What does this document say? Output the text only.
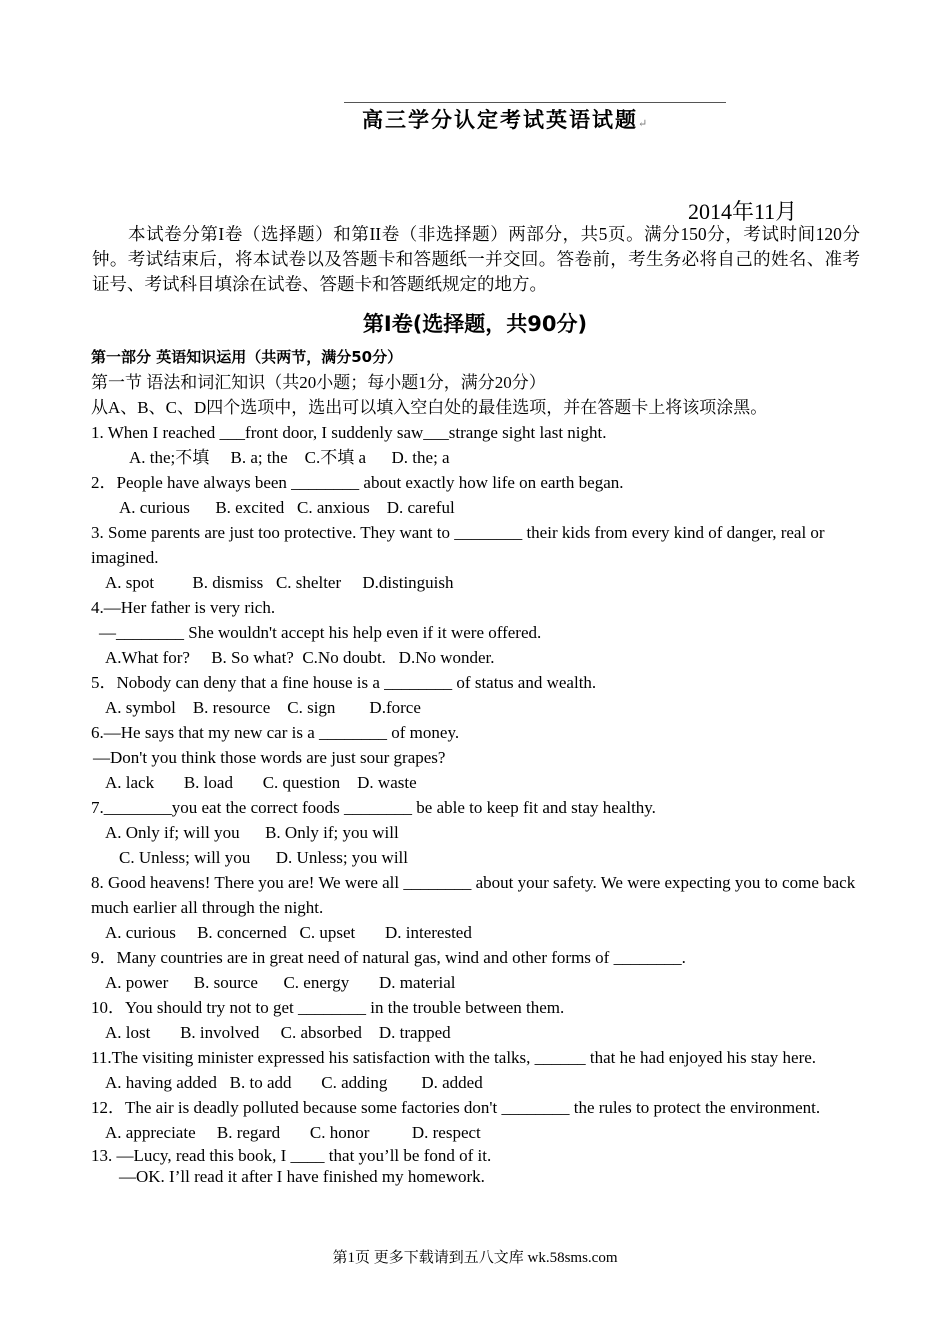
高三学分认定考试英语试题↵
2014年11月
本试卷分第I卷（选择题）和第II卷（非选择题）两部分，共5页。满分150分，考试时间120分钟。考试结束后，将本试卷以及答题卡和答题纸一并交回。答卷前，考生务必将自己的姓名、准考证号、考试科目填涂在试卷、答题卡和答题纸规定的地方。
第I卷(选择题，共90分)
第一部分 英语知识运用（共两节，满分50分）
第一节 语法和词汇知识（共20小题；每小题1分，满分20分）
从A、B、C、D四个选项中，选出可以填入空白处的最佳选项，并在答题卡上将该项涂黑。
1. When I reached ___front door, I suddenly saw___strange sight last night.
A. the;不填     B. a; the    C.不填 a      D. the; a
2．People have always been ________ about exactly how life on earth began.
A. curious      B. excited   C. anxious    D. careful
3. Some parents are just too protective. They want to ________ their kids from every kind of danger, real or imagined.
A. spot         B. dismiss   C. shelter     D.distinguish
4.—Her father is very rich.
—________ She wouldn't accept his help even if it were offered.
A.What for?     B. So what?  C.No doubt.   D.No wonder.
5．Nobody can deny that a fine house is a ________ of status and wealth.
A. symbol    B. resource    C. sign        D.force
6.—He says that my new car is a ________ of money.
—Don't you think those words are just sour grapes?
A. lack       B. load       C. question    D. waste
7.________you eat the correct foods ________ be able to keep fit and stay healthy.
A. Only if; will you      B. Only if; you will
C. Unless; will you      D. Unless; you will
8. Good heavens! There you are! We were all ________ about your safety. We were expecting you to come back much earlier all through the night.
A. curious     B. concerned   C. upset       D. interested
9．Many countries are in great need of natural gas, wind and other forms of ________.
A. power      B. source      C. energy       D. material
10．You should try not to get ________ in the trouble between them.
A. lost       B. involved     C. absorbed    D. trapped
11.The visiting minister expressed his satisfaction with the talks, ______ that he had enjoyed his stay here.
A. having added   B. to add       C. adding        D. added
12．The air is deadly polluted because some factories don't ________ the rules to protect the environment.
A. appreciate     B. regard       C. honor          D. respect
13. —Lucy, read this book, I ____ that you’ll be fond of it.
—OK. I’ll read it after I have finished my homework.
第1页 更多下载请到五八文库 wk.58sms.com
